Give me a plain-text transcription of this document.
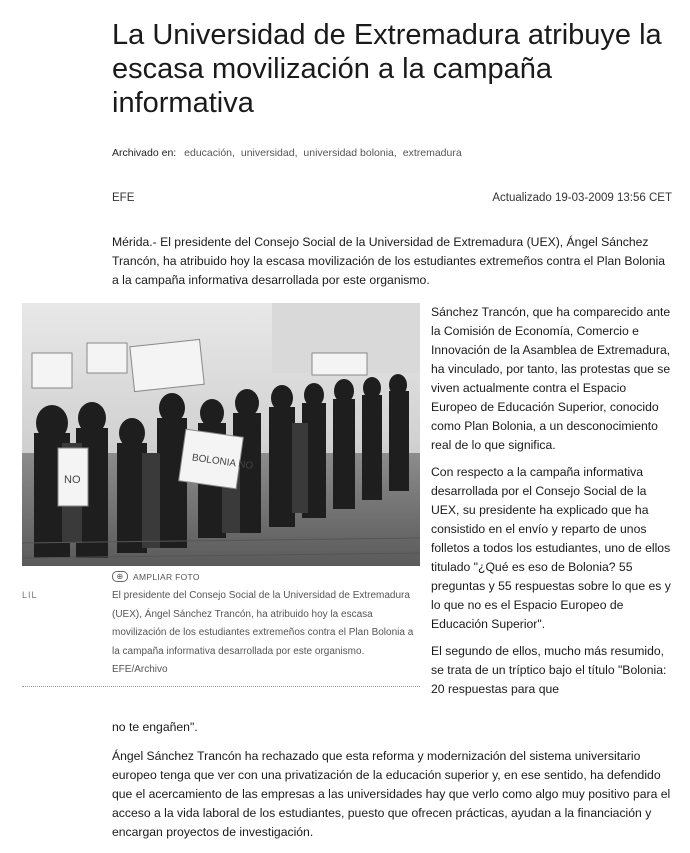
La Universidad de Extremadura atribuye la escasa movilización a la campaña informativa
Archivado en: educación, universidad, universidad bolonia, extremadura
EFE	Actualizado 19-03-2009 13:56 CET

Mérida.- El presidente del Consejo Social de la Universidad de Extremadura (UEX), Ángel Sánchez Trancón, ha atribuido hoy la escasa movilización de los estudiantes extremeños contra el Plan Bolonia a la campaña informativa desarrollada por este organismo.

BOLONIA NO
NO
⊕	AMPLIAR FOTO
LIL	El presidente del Consejo Social de la Universidad de Extremadura (UEX), Ángel Sánchez Trancón, ha atribuido hoy la escasa movilización de los estudiantes extremeños contra el Plan Bolonia a la campaña informativa desarrollada por este organismo. EFE/Archivo

Sánchez Trancón, que ha comparecido ante la Comisión de Economía, Comercio e Innovación de la Asamblea de Extremadura, ha vinculado, por tanto, las protestas que se viven actualmente contra el Espacio Europeo de Educación Superior, conocido como Plan Bolonia, a un desconocimiento real de lo que significa.

Con respecto a la campaña informativa desarrollada por el Consejo Social de la UEX, su presidente ha explicado que ha consistido en el envío y reparto de unos folletos a todos los estudiantes, uno de ellos titulado "¿Qué es eso de Bolonia? 55 preguntas y 55 respuestas sobre lo que es y lo que no es el Espacio Europeo de Educación Superior".

El segundo de ellos, mucho más resumido, se trata de un tríptico bajo el título "Bolonia: 20 respuestas para que

no te engañen".

Ángel Sánchez Trancón ha rechazado que esta reforma y modernización del sistema universitario europeo tenga que ver con una privatización de la educación superior y, en ese sentido, ha defendido que el acercamiento de las empresas a las universidades hay que verlo como algo muy positivo para el acceso a la vida laboral de los estudiantes, puesto que ofrecen prácticas, ayudan a la financiación y encargan proyectos de investigación.
